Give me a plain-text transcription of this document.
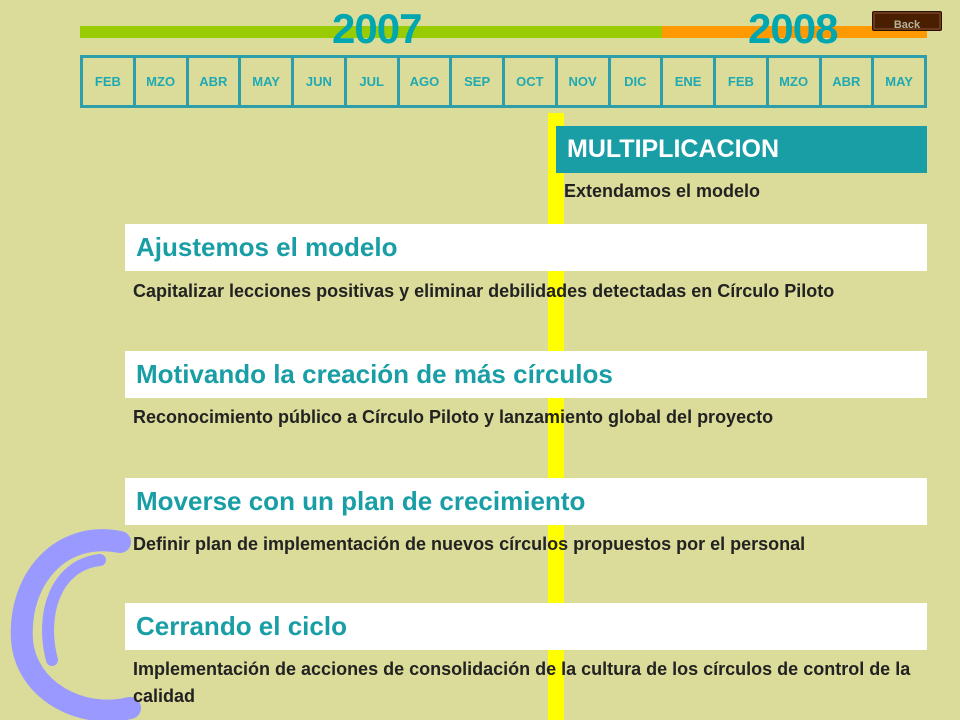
2007	2008	Back
FEB	MZO	ABR	MAY	JUN	JUL	AGO	SEP	OCT	NOV	DIC	ENE	FEB	MZO	ABR	MAY
MULTIPLICACION
Extendamos el modelo
Ajustemos el modelo
Capitalizar lecciones positivas y eliminar debilidades detectadas en Círculo Piloto
Motivando la creación de más círculos
Reconocimiento público a Círculo Piloto y lanzamiento global del proyecto
Moverse con un plan de crecimiento
Definir plan de implementación de nuevos círculos propuestos por el personal
Cerrando el ciclo
Implementación de acciones de consolidación de la cultura de los círculos de control de la calidad
